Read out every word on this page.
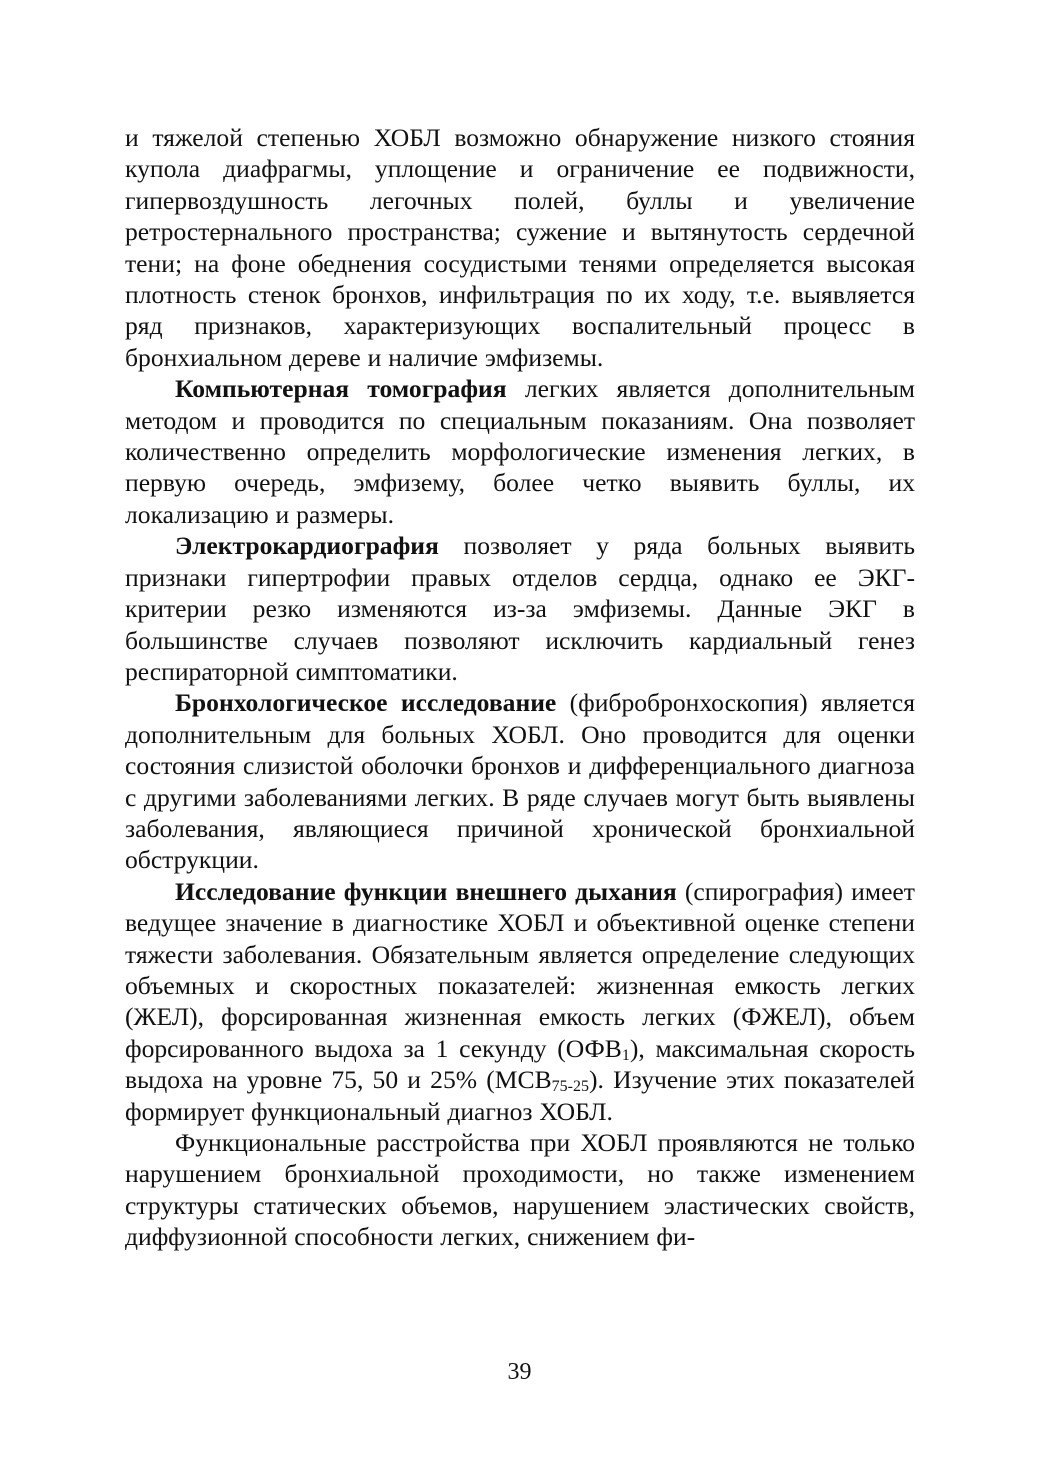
и тяжелой степенью ХОБЛ возможно обнаружение низкого стояния купола диафрагмы, уплощение и ограничение ее подвижности, гипервоздушность легочных полей, буллы и увеличение ретростернального пространства; сужение и вытянутость сердечной тени; на фоне обеднения сосудистыми тенями определяется высокая плотность стенок бронхов, инфильтрация по их ходу, т.е. выявляется ряд признаков, характеризующих воспалительный процесс в бронхиальном дереве и наличие эмфиземы.

Компьютерная томография легких является дополнительным методом и проводится по специальным показаниям. Она позволяет количественно определить морфологические изменения легких, в первую очередь, эмфизему, более четко выявить буллы, их локализацию и размеры.

Электрокардиография позволяет у ряда больных выявить признаки гипертрофии правых отделов сердца, однако ее ЭКГ-критерии резко изменяются из-за эмфиземы. Данные ЭКГ в большинстве случаев позволяют исключить кардиальный генез респираторной симптоматики.

Бронхологическое исследование (фибробронхоскопия) является дополнительным для больных ХОБЛ. Оно проводится для оценки состояния слизистой оболочки бронхов и дифференциального диагноза с другими заболеваниями легких. В ряде случаев могут быть выявлены заболевания, являющиеся причиной хронической бронхиальной обструкции.

Исследование функции внешнего дыхания (спирография) имеет ведущее значение в диагностике ХОБЛ и объективной оценке степени тяжести заболевания. Обязательным является определение следующих объемных и скоростных показателей: жизненная емкость легких (ЖЕЛ), форсированная жизненная емкость легких (ФЖЕЛ), объем форсированного выдоха за 1 секунду $(ОФВ_1)$, максимальная скорость выдоха на уровне 75, 50 и 25% $(МСВ_{75-25})$. Изучение этих показателей формирует функциональный диагноз ХОБЛ.

Функциональные расстройства при ХОБЛ проявляются не только нарушением бронхиальной проходимости, но также изменением структуры статических объемов, нарушением эластических свойств, диффузионной способности легких, снижением фи-

39
